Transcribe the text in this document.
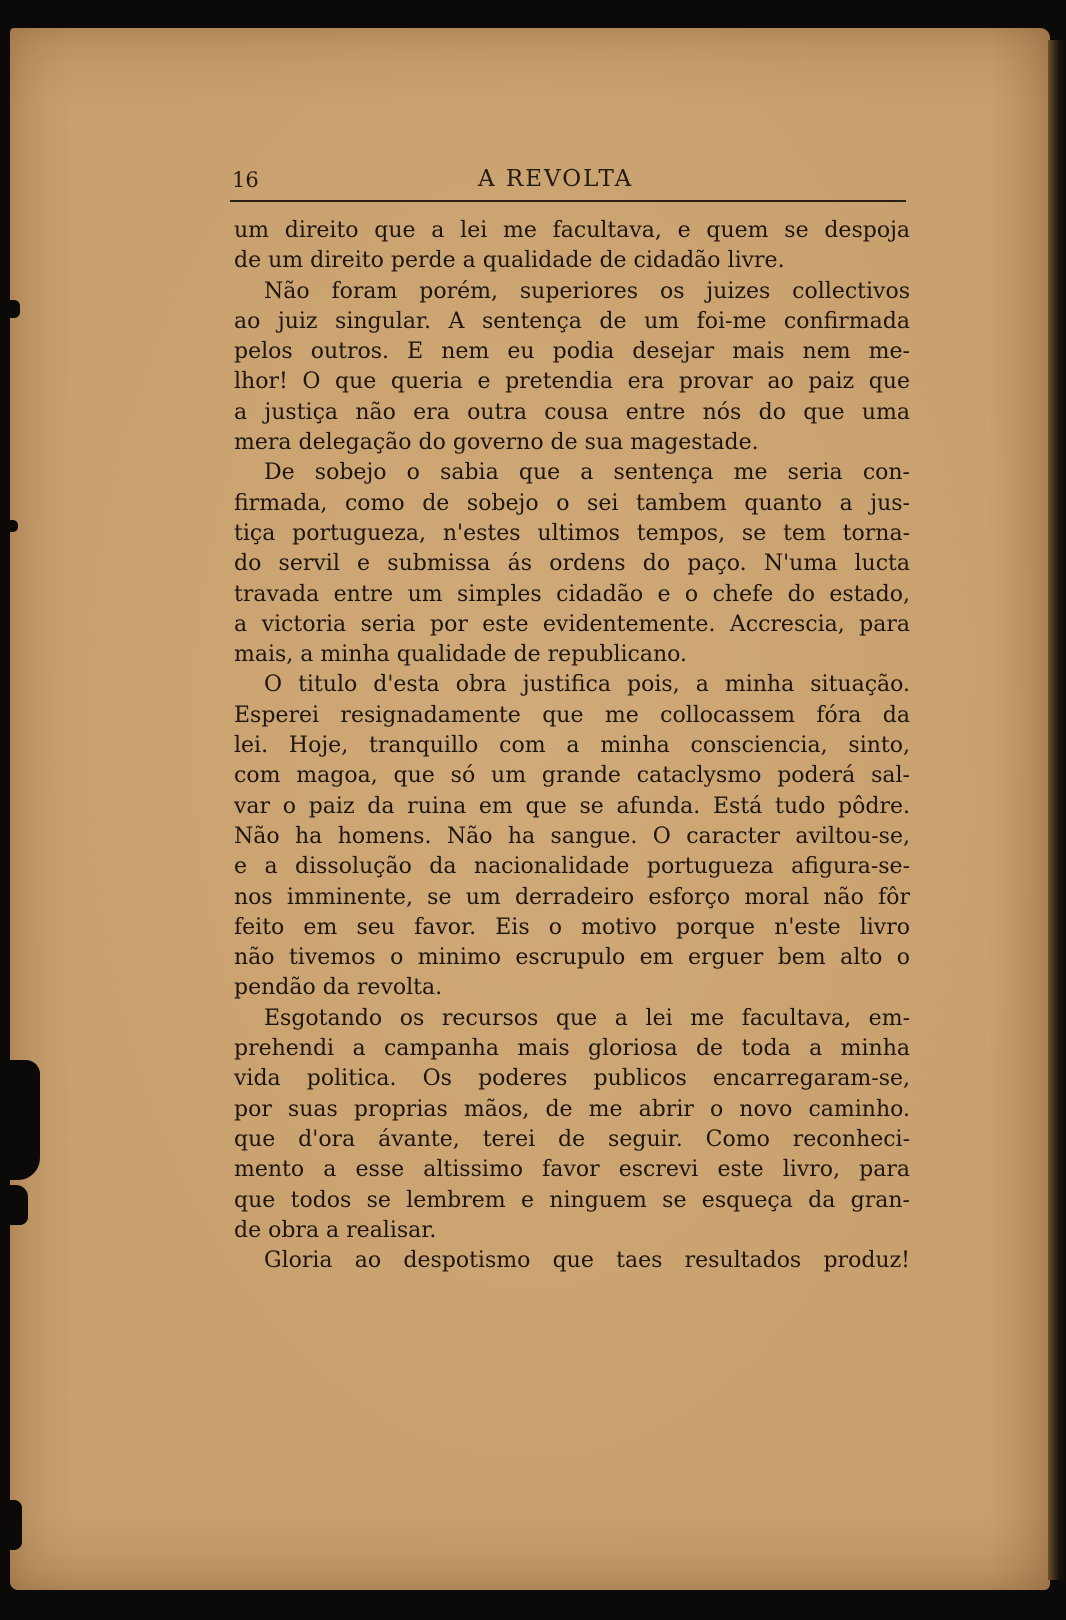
16	A REVOLTA
um direito que a lei me facultava, e quem se despoja
de um direito perde a qualidade de cidadão livre.
Não foram porém, superiores os juizes collectivos
ao juiz singular. A sentença de um foi-me confirmada
pelos outros. E nem eu podia desejar mais nem me-
lhor! O que queria e pretendia era provar ao paiz que
a justiça não era outra cousa entre nós do que uma
mera delegação do governo de sua magestade.
De sobejo o sabia que a sentença me seria con-
firmada, como de sobejo o sei tambem quanto a jus-
tiça portugueza, n'estes ultimos tempos, se tem torna-
do servil e submissa ás ordens do paço. N'uma lucta
travada entre um simples cidadão e o chefe do estado,
a victoria seria por este evidentemente. Accrescia, para
mais, a minha qualidade de republicano.
O titulo d'esta obra justifica pois, a minha situação.
Esperei resignadamente que me collocassem fóra da
lei. Hoje, tranquillo com a minha consciencia, sinto,
com magoa, que só um grande cataclysmo poderá sal-
var o paiz da ruina em que se afunda. Está tudo pôdre.
Não ha homens. Não ha sangue. O caracter aviltou-se,
e a dissolução da nacionalidade portugueza afigura-se-
nos imminente, se um derradeiro esforço moral não fôr
feito em seu favor. Eis o motivo porque n'este livro
não tivemos o minimo escrupulo em erguer bem alto o
pendão da revolta.
Esgotando os recursos que a lei me facultava, em-
prehendi a campanha mais gloriosa de toda a minha
vida politica. Os poderes publicos encarregaram-se,
por suas proprias mãos, de me abrir o novo caminho.
que d'ora ávante, terei de seguir. Como reconheci-
mento a esse altissimo favor escrevi este livro, para
que todos se lembrem e ninguem se esqueça da gran-
de obra a realisar.
Gloria ao despotismo que taes resultados produz!
